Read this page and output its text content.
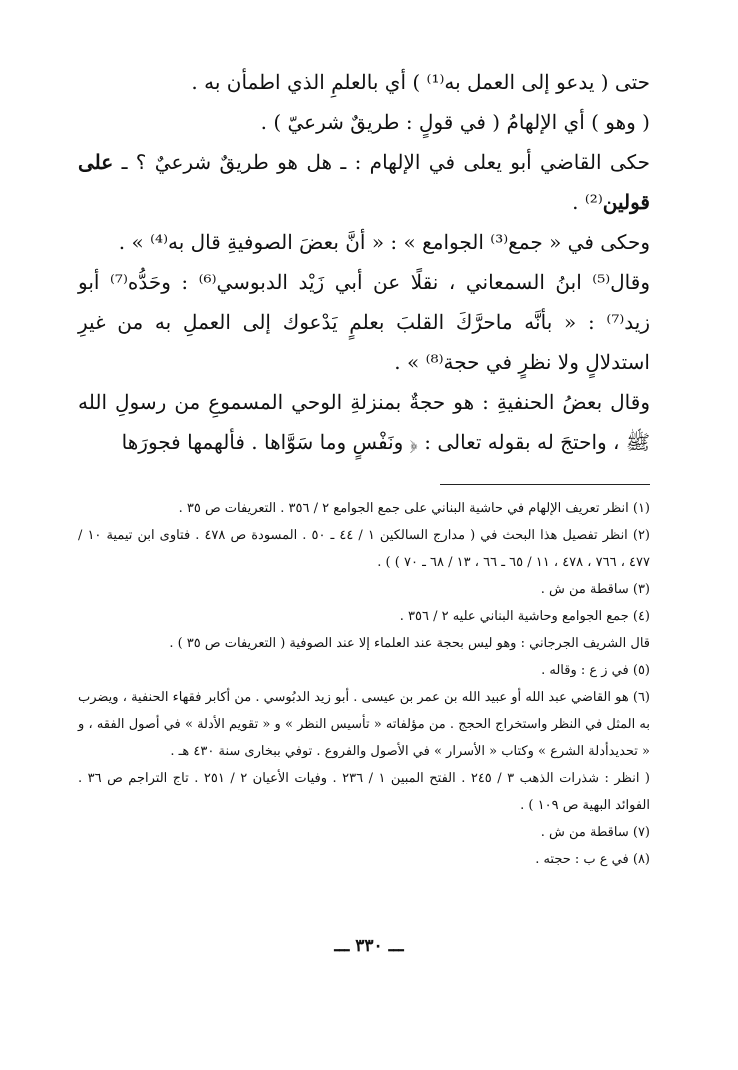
حتى ( يدعو إلى العمل به⁽¹⁾ ) أي بالعلمِ الذي اطمأن به .

( وهو ) أي الإلهامُ ( في قولٍ : طريقٌ شرعيّ ) .

حكى القاضي أبو يعلى في الإلهام : ـ هل هو طريقٌ شرعيٌ ؟ ـ على قولين⁽²⁾ .

وحكى في « جمع⁽³⁾ الجوامع » : « أنَّ بعضَ الصوفيةِ قال به⁽⁴⁾ » .

وقال⁽⁵⁾ ابنُ السمعاني ، نقلًا عن أبي زَيْد الدبوسي⁽⁶⁾ : وحَدُّه⁽⁷⁾ أبو زيد⁽⁷⁾ : « بأنَّه ماحرَّكَ القلبَ بعلمٍ يَدْعوك إلى العملِ به من غيرِ استدلالٍ ولا نظرٍ في حجة⁽⁸⁾ » .

وقال بعضُ الحنفيةِ : هو حجةٌ بمنزلةِ الوحي المسموعِ من رسولِ الله ﷺ ، واحتجَ له بقوله تعالى : ﴿ ونَفْسٍ وما سَوَّاها . فألهمها فجورَها

(١) انظر تعريف الإلهام في حاشية البناني على جمع الجوامع ٢ / ٣٥٦ . التعريفات ص ٣٥ .

(٢) انظر تفصيل هذا البحث في ( مدارج السالكين ١ / ٤٤ ـ ٥٠ . المسودة ص ٤٧٨ . فتاوى ابن تيمية ١٠ / ٤٧٧ ، ٧٦٦ ، ٤٧٨ ، ١١ / ٦٥ ـ ٦٦ ، ١٣ / ٦٨ ـ ٧٠ ) ) .

(٣) ساقطة من ش .

(٤) جمع الجوامع وحاشية البناني عليه ٢ / ٣٥٦ .

قال الشريف الجرجاني : وهو ليس بحجة عند العلماء إلا عند الصوفية ( التعريفات ص ٣٥ ) .

(٥) في ز ع : وقاله .

(٦) هو القاضي عبد الله أو عبيد الله بن عمر بن عيسى . أبو زيد الدبُوسي . من أكابر فقهاء الحنفية ، ويضرب به المثل في النظر واستخراج الحجج . من مؤلفاته « تأسيس النظر » و « تقويم الأدلة » في أصول الفقه ، و « تحديدأدلة الشرع » وكتاب « الأسرار » في الأصول والفروع . توفي ببخارى سنة ٤٣٠ هـ .

( انظر : شذرات الذهب ٣ / ٢٤٥ . الفتح المبين ١ / ٢٣٦ . وفيات الأعيان ٢ / ٢٥١ . تاج التراجم ص ٣٦ . الفوائد البهية ص ١٠٩ ) .

(٧) ساقطة من ش .

(٨) في ع ب : حجته .

ـــ ٣٣٠ ـــ
